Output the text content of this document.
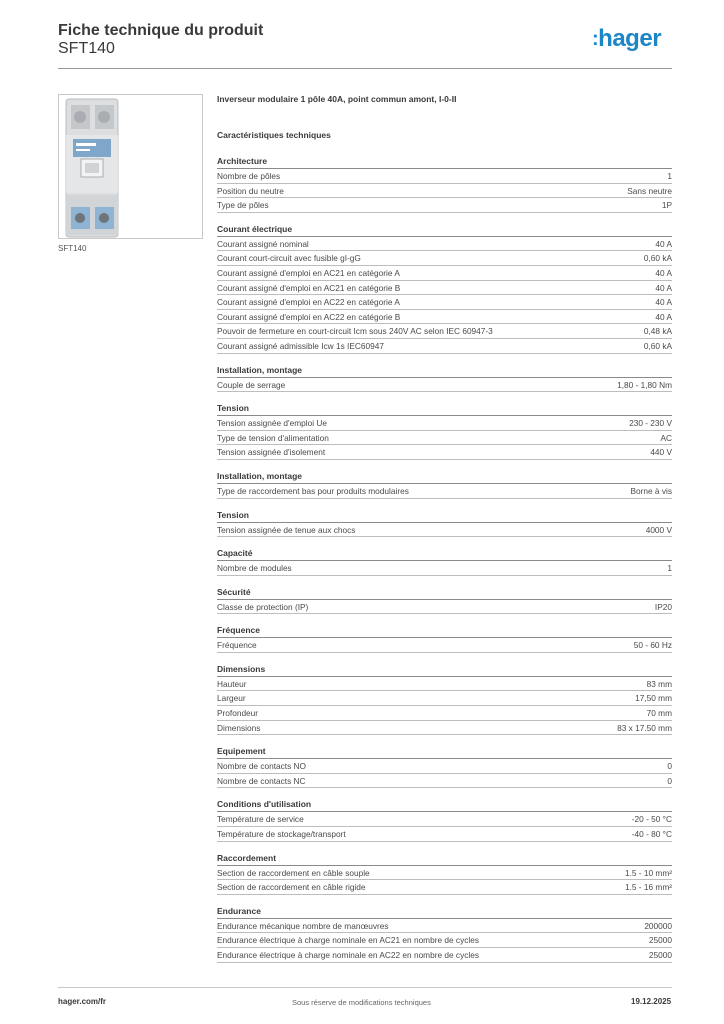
Fiche technique du produit
SFT140	:hager
SFT140
Inverseur modulaire 1 pôle 40A, point commun amont, I-0-II
Caractéristiques techniques
Architecture
Nombre de pôles	1
Position du neutre	Sans neutre
Type de pôles	1P
Courant électrique
Courant assigné nominal	40 A
Courant court-circuit avec fusible gI-gG	0,60 kA
Courant assigné d'emploi en AC21 en catégorie A	40 A
Courant assigné d'emploi en AC21 en catégorie B	40 A
Courant assigné d'emploi en AC22 en catégorie A	40 A
Courant assigné d'emploi en AC22 en catégorie B	40 A
Pouvoir de fermeture en court-circuit Icm sous 240V AC selon IEC 60947-3	0,48 kA
Courant assigné admissible Icw 1s IEC60947	0,60 kA
Installation, montage
Couple de serrage	1,80 - 1,80 Nm
Tension
Tension assignée d'emploi Ue	230 - 230 V
Type de tension d'alimentation	AC
Tension assignée d'isolement	440 V
Installation, montage
Type de raccordement bas pour produits modulaires	Borne à vis
Tension
Tension assignée de tenue aux chocs	4000 V
Capacité
Nombre de modules	1
Sécurité
Classe de protection (IP)	IP20
Fréquence
Fréquence	50 - 60 Hz
Dimensions
Hauteur	83 mm
Largeur	17,50 mm
Profondeur	70 mm
Dimensions	83 x 17.50 mm
Equipement
Nombre de contacts NO	0
Nombre de contacts NC	0
Conditions d'utilisation
Température de service	-20 - 50 °C
Température de stockage/transport	-40 - 80 °C
Raccordement
Section de raccordement en câble souple	1.5 - 10 mm²
Section de raccordement en câble rigide	1.5 - 16 mm²
Endurance
Endurance mécanique nombre de manœuvres	200000
Endurance électrique à charge nominale en AC21 en nombre de cycles	25000
Endurance électrique à charge nominale en AC22 en nombre de cycles	25000
hager.com/fr	Sous réserve de modifications techniques	19.12.2025
